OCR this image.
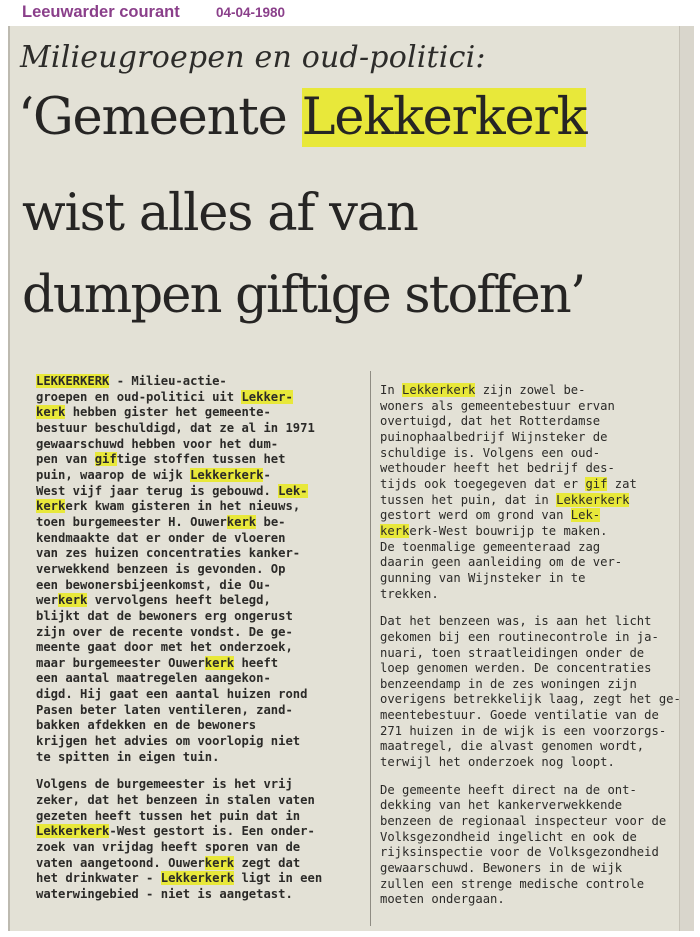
Leeuwarder courant	04-04-1980
Milieugroepen en oud-politici:
‘Gemeente Lekkerkerk
wist alles af van
dumpen giftige stoffen’

LEKKERKERK - Milieu-actie-
groepen en oud-politici uit Lekker-
kerk hebben gister het gemeente-
bestuur beschuldigd, dat ze al in 1971
gewaarschuwd hebben voor het dum-
pen van giftige stoffen tussen het
puin, waarop de wijk Lekkerkerk-
West vijf jaar terug is gebouwd. Lek-
kerkerk kwam gisteren in het nieuws,
toen burgemeester H. Ouwerkerk be-
kendmaakte dat er onder de vloeren
van zes huizen concentraties kanker-
verwekkend benzeen is gevonden. Op
een bewonersbijeenkomst, die Ou-
werkerk vervolgens heeft belegd,
blijkt dat de bewoners erg ongerust
zijn over de recente vondst. De ge-
meente gaat door met het onderzoek,
maar burgemeester Ouwerkerk heeft
een aantal maatregelen aangekon-
digd. Hij gaat een aantal huizen rond
Pasen beter laten ventileren, zand-
bakken afdekken en de bewoners
krijgen het advies om voorlopig niet
te spitten in eigen tuin.

Volgens de burgemeester is het vrij
zeker, dat het benzeen in stalen vaten
gezeten heeft tussen het puin dat in
Lekkerkerk-West gestort is. Een onder-
zoek van vrijdag heeft sporen van de
vaten aangetoond. Ouwerkerk zegt dat
het drinkwater - Lekkerkerk ligt in een
waterwingebied - niet is aangetast.

In Lekkerkerk zijn zowel be-
woners als gemeentebestuur ervan
overtuigd, dat het Rotterdamse
puinophaalbedrijf Wijnsteker de
schuldige is. Volgens een oud-
wethouder heeft het bedrijf des-
tijds ook toegegeven dat er gif zat
tussen het puin, dat in Lekkerkerk
gestort werd om grond van Lek-
kerkerk-West bouwrijp te maken.
De toenmalige gemeenteraad zag
daarin geen aanleiding om de ver-
gunning van Wijnsteker in te
trekken.

Dat het benzeen was, is aan het licht
gekomen bij een routinecontrole in ja-
nuari, toen straatleidingen onder de
loep genomen werden. De concentraties
benzeendamp in de zes woningen zijn
overigens betrekkelijk laag, zegt het ge-
meentebestuur. Goede ventilatie van de
271 huizen in de wijk is een voorzorgs-
maatregel, die alvast genomen wordt,
terwijl het onderzoek nog loopt.

De gemeente heeft direct na de ont-
dekking van het kankerverwekkende
benzeen de regionaal inspecteur voor de
Volksgezondheid ingelicht en ook de
rijksinspectie voor de Volksgezondheid
gewaarschuwd. Bewoners in de wijk
zullen een strenge medische controle
moeten ondergaan.
